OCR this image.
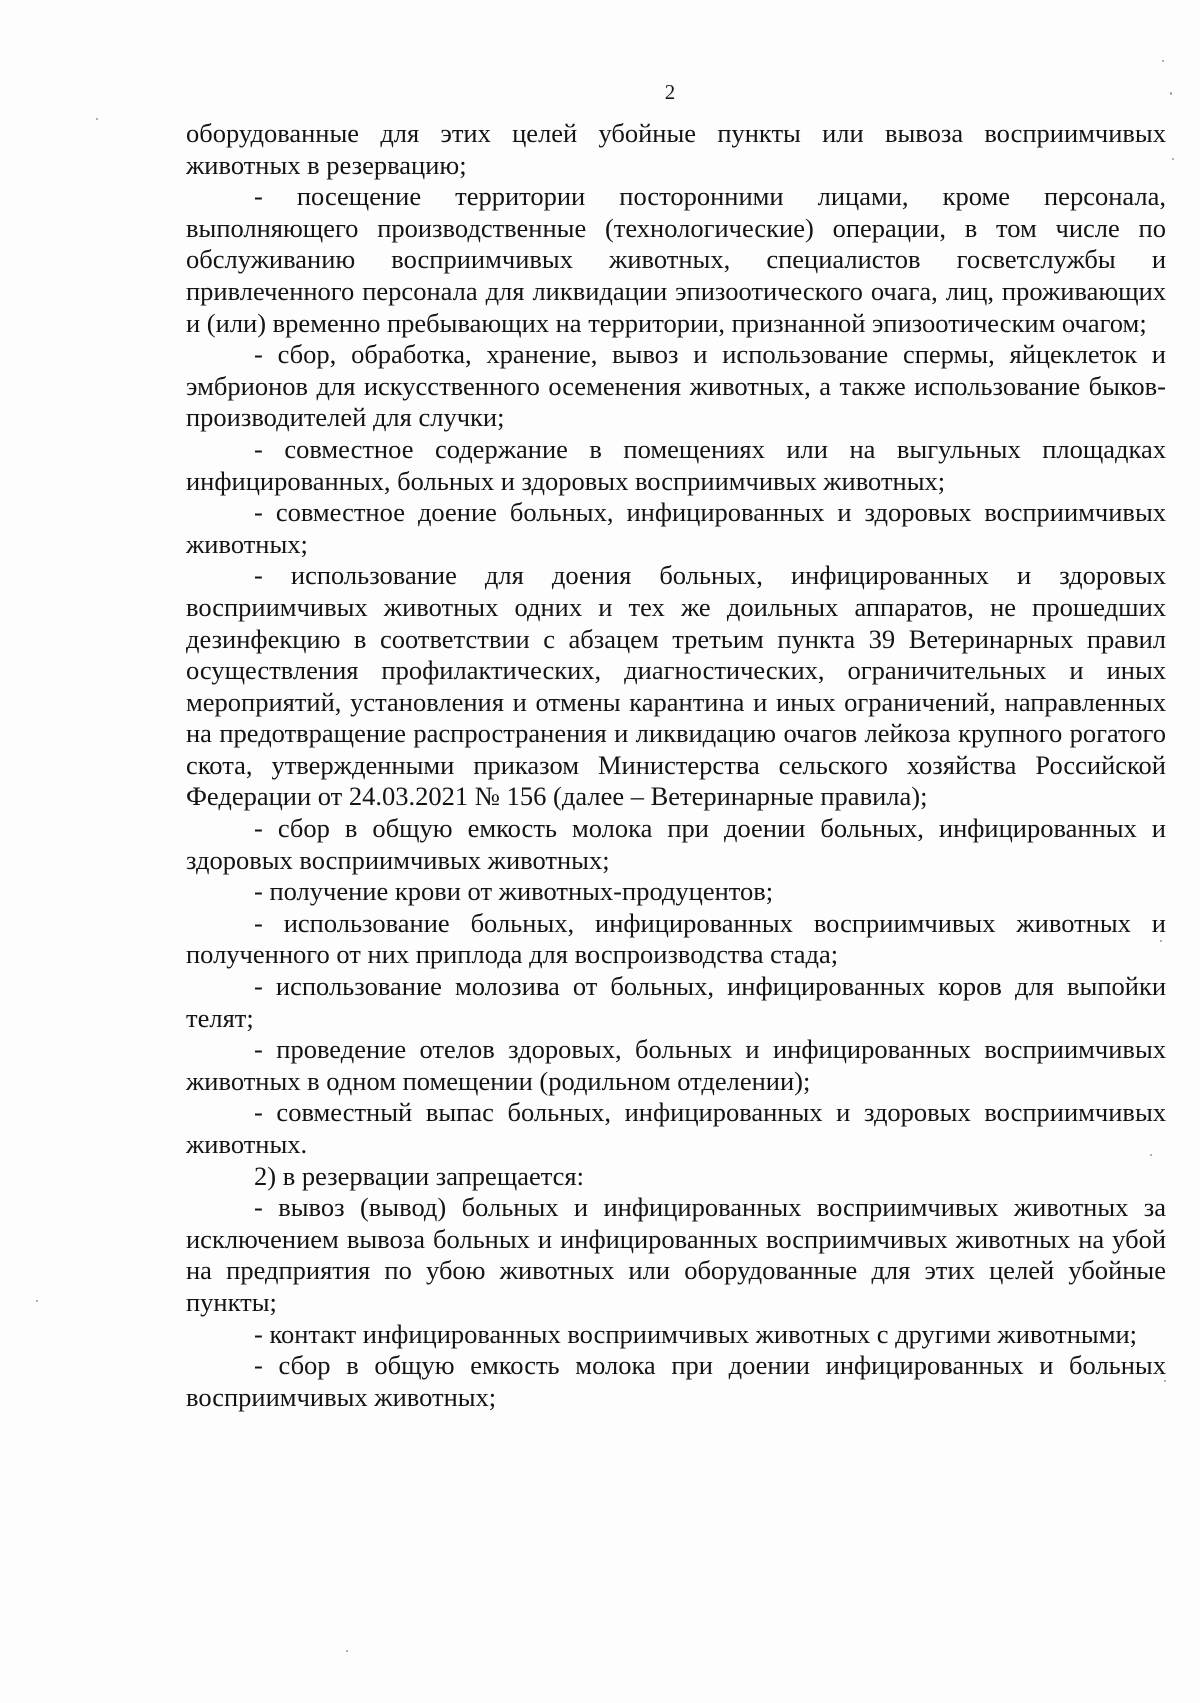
2

оборудованные для этих целей убойные пункты или вывоза восприимчивых животных в резервацию;

- посещение территории посторонними лицами, кроме персонала, выполняющего производственные (технологические) операции, в том числе по обслуживанию восприимчивых животных, специалистов госветслужбы и привлеченного персонала для ликвидации эпизоотического очага, лиц, проживающих и (или) временно пребывающих на территории, признанной эпизоотическим очагом;

- сбор, обработка, хранение, вывоз и использование спермы, яйцеклеток и эмбрионов для искусственного осеменения животных, а также использование быков-производителей для случки;

- совместное содержание в помещениях или на выгульных площадках инфицированных, больных и здоровых восприимчивых животных;

- совместное доение больных, инфицированных и здоровых восприимчивых животных;

- использование для доения больных, инфицированных и здоровых восприимчивых животных одних и тех же доильных аппаратов, не прошедших дезинфекцию в соответствии с абзацем третьим пункта 39 Ветеринарных правил осуществления профилактических, диагностических, ограничительных и иных мероприятий, установления и отмены карантина и иных ограничений, направленных на предотвращение распространения и ликвидацию очагов лейкоза крупного рогатого скота, утвержденными приказом Министерства сельского хозяйства Российской Федерации от 24.03.2021 № 156 (далее – Ветеринарные правила);

- сбор в общую емкость молока при доении больных, инфицированных и здоровых восприимчивых животных;

- получение крови от животных-продуцентов;

- использование больных, инфицированных восприимчивых животных и полученного от них приплода для воспроизводства стада;

- использование молозива от больных, инфицированных коров для выпойки телят;

- проведение отелов здоровых, больных и инфицированных восприимчивых животных в одном помещении (родильном отделении);

- совместный выпас больных, инфицированных и здоровых восприимчивых животных.

2) в резервации запрещается:

- вывоз (вывод) больных и инфицированных восприимчивых животных за исключением вывоза больных и инфицированных восприимчивых животных на убой на предприятия по убою животных или оборудованные для этих целей убойные пункты;

- контакт инфицированных восприимчивых животных с другими животными;

- сбор в общую емкость молока при доении инфицированных и больных восприимчивых животных;
